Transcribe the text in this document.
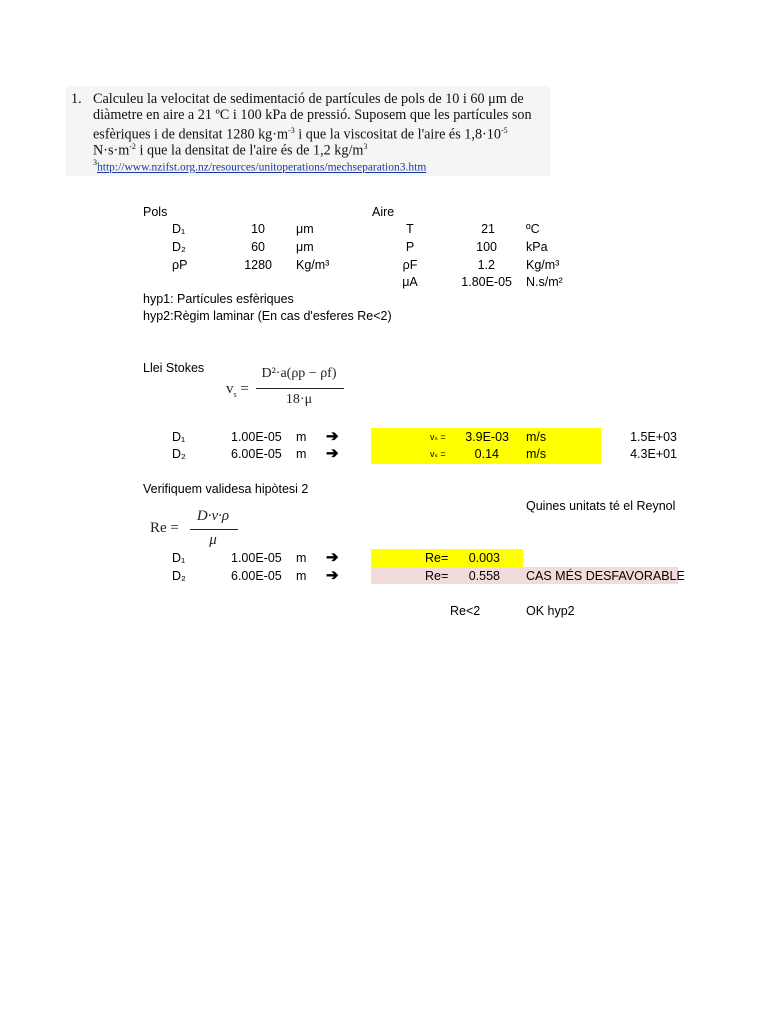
1. Calculeu la velocitat de sedimentació de partícules de pols de 10 i 60 μm de
diàmetre en aire a 21 ºC i 100 kPa de pressió. Suposem que les partícules son
esfèriques i de densitat 1280 $kg\cdot m^{-3}$ i que la viscositat de l'aire és $1,8\cdot 10^{-5}$
$N\cdot s\cdot m^{-2}$ i que la densitat de l'aire és de 1,2 $kg/m^3$
$^3$http://www.nzifst.org.nz/resources/unitoperations/mechseparation3.htm
Pols
D₁	10 μm
D₂	60 μm
ρP	1280 Kg/m³
Aire
T	21 ºC
P	100 kPa
ρF	1.2 Kg/m³
μA	1.80E-05 N.s/m²
hyp1: Partícules esfèriques
hyp2:Règim laminar (En cas d'esferes Re<2)
Llei Stokes
$v_s$ =
D²·a(ρp − ρf)
18·μ
D₁	1.00E-05 m ➔	vₛ =	3.9E-03 m/s	1.5E+03
D₂	6.00E-05 m ➔	vₛ =	0.14 m/s	4.3E+01
Verifiquem validesa hipòtesi 2
Quines unitats té el Reynol
Re =
D·v·ρ
μ
D₁	1.00E-05 m ➔	Re=	0.003
D₂	6.00E-05 m ➔	Re=	0.558 CAS MÉS DESFAVORABLE
Re<2	OK hyp2
